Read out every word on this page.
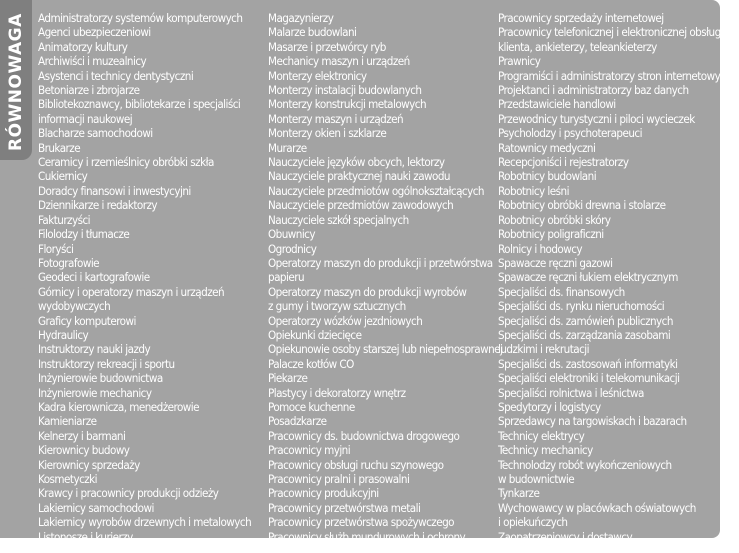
RÓWNOWAGA	Administratorzy systemów komputerowych
Agenci ubezpieczeniowi
Animatorzy kultury
Archiwiści i muzealnicy
Asystenci i technicy dentystyczni
Betoniarze i zbrojarze
Bibliotekoznawcy, bibliotekarze i specjaliści
informacji naukowej
Blacharze samochodowi
Brukarze
Ceramicy i rzemieślnicy obróbki szkła
Cukiernicy
Doradcy finansowi i inwestycyjni
Dziennikarze i redaktorzy
Fakturzyści
Filolodzy i tłumacze
Floryści
Fotografowie
Geodeci i kartografowie
Górnicy i operatorzy maszyn i urządzeń
wydobywczych
Graficy komputerowi
Hydraulicy
Instruktorzy nauki jazdy
Instruktorzy rekreacji i sportu
Inżynierowie budownictwa
Inżynierowie mechanicy
Kadra kierownicza, menedżerowie
Kamieniarze
Kelnerzy i barmani
Kierownicy budowy
Kierownicy sprzedaży
Kosmetyczki
Krawcy i pracownicy produkcji odzieży
Lakiernicy samochodowi
Lakiernicy wyrobów drzewnych i metalowych
Listonosze i kurierzy
Magazynierzy
Malarze budowlani
Masarze i przetwórcy ryb
Mechanicy maszyn i urządzeń
Monterzy elektronicy
Monterzy instalacji budowlanych
Monterzy konstrukcji metalowych
Monterzy maszyn i urządzeń
Monterzy okien i szklarze
Murarze
Nauczyciele języków obcych, lektorzy
Nauczyciele praktycznej nauki zawodu
Nauczyciele przedmiotów ogólnokształcących
Nauczyciele przedmiotów zawodowych
Nauczyciele szkół specjalnych
Obuwnicy
Ogrodnicy
Operatorzy maszyn do produkcji i przetwórstwa
papieru
Operatorzy maszyn do produkcji wyrobów
z gumy i tworzyw sztucznych
Operatorzy wózków jezdniowych
Opiekunki dziecięce
Opiekunowie osoby starszej lub niepełnosprawnej
Palacze kotłów CO
Piekarze
Plastycy i dekoratorzy wnętrz
Pomoce kuchenne
Posadzkarze
Pracownicy ds. budownictwa drogowego
Pracownicy myjni
Pracownicy obsługi ruchu szynowego
Pracownicy pralni i prasowalni
Pracownicy produkcyjni
Pracownicy przetwórstwa metali
Pracownicy przetwórstwa spożywczego
Pracownicy służb mundurowych i ochrony
Pracownicy sprzedaży internetowej
Pracownicy telefonicznej i elektronicznej obsługi
klienta, ankieterzy, teleankieterzy
Prawnicy
Programiści i administratorzy stron internetowych
Projektanci i administratorzy baz danych
Przedstawiciele handlowi
Przewodnicy turystyczni i piloci wycieczek
Psycholodzy i psychoterapeuci
Ratownicy medyczni
Recepcjoniści i rejestratorzy
Robotnicy budowlani
Robotnicy leśni
Robotnicy obróbki drewna i stolarze
Robotnicy obróbki skóry
Robotnicy poligraficzni
Rolnicy i hodowcy
Spawacze ręczni gazowi
Spawacze ręczni łukiem elektrycznym
Specjaliści ds. finansowych
Specjaliści ds. rynku nieruchomości
Specjaliści ds. zamówień publicznych
Specjaliści ds. zarządzania zasobami
ludzkimi i rekrutacji
Specjaliści ds. zastosowań informatyki
Specjaliści elektroniki i telekomunikacji
Specjaliści rolnictwa i leśnictwa
Spedytorzy i logistycy
Sprzedawcy na targowiskach i bazarach
Technicy elektrycy
Technicy mechanicy
Technolodzy robót wykończeniowych
w budownictwie
Tynkarze
Wychowawcy w placówkach oświatowych
i opiekuńczych
Zaopatrzeniowcy i dostawcy
